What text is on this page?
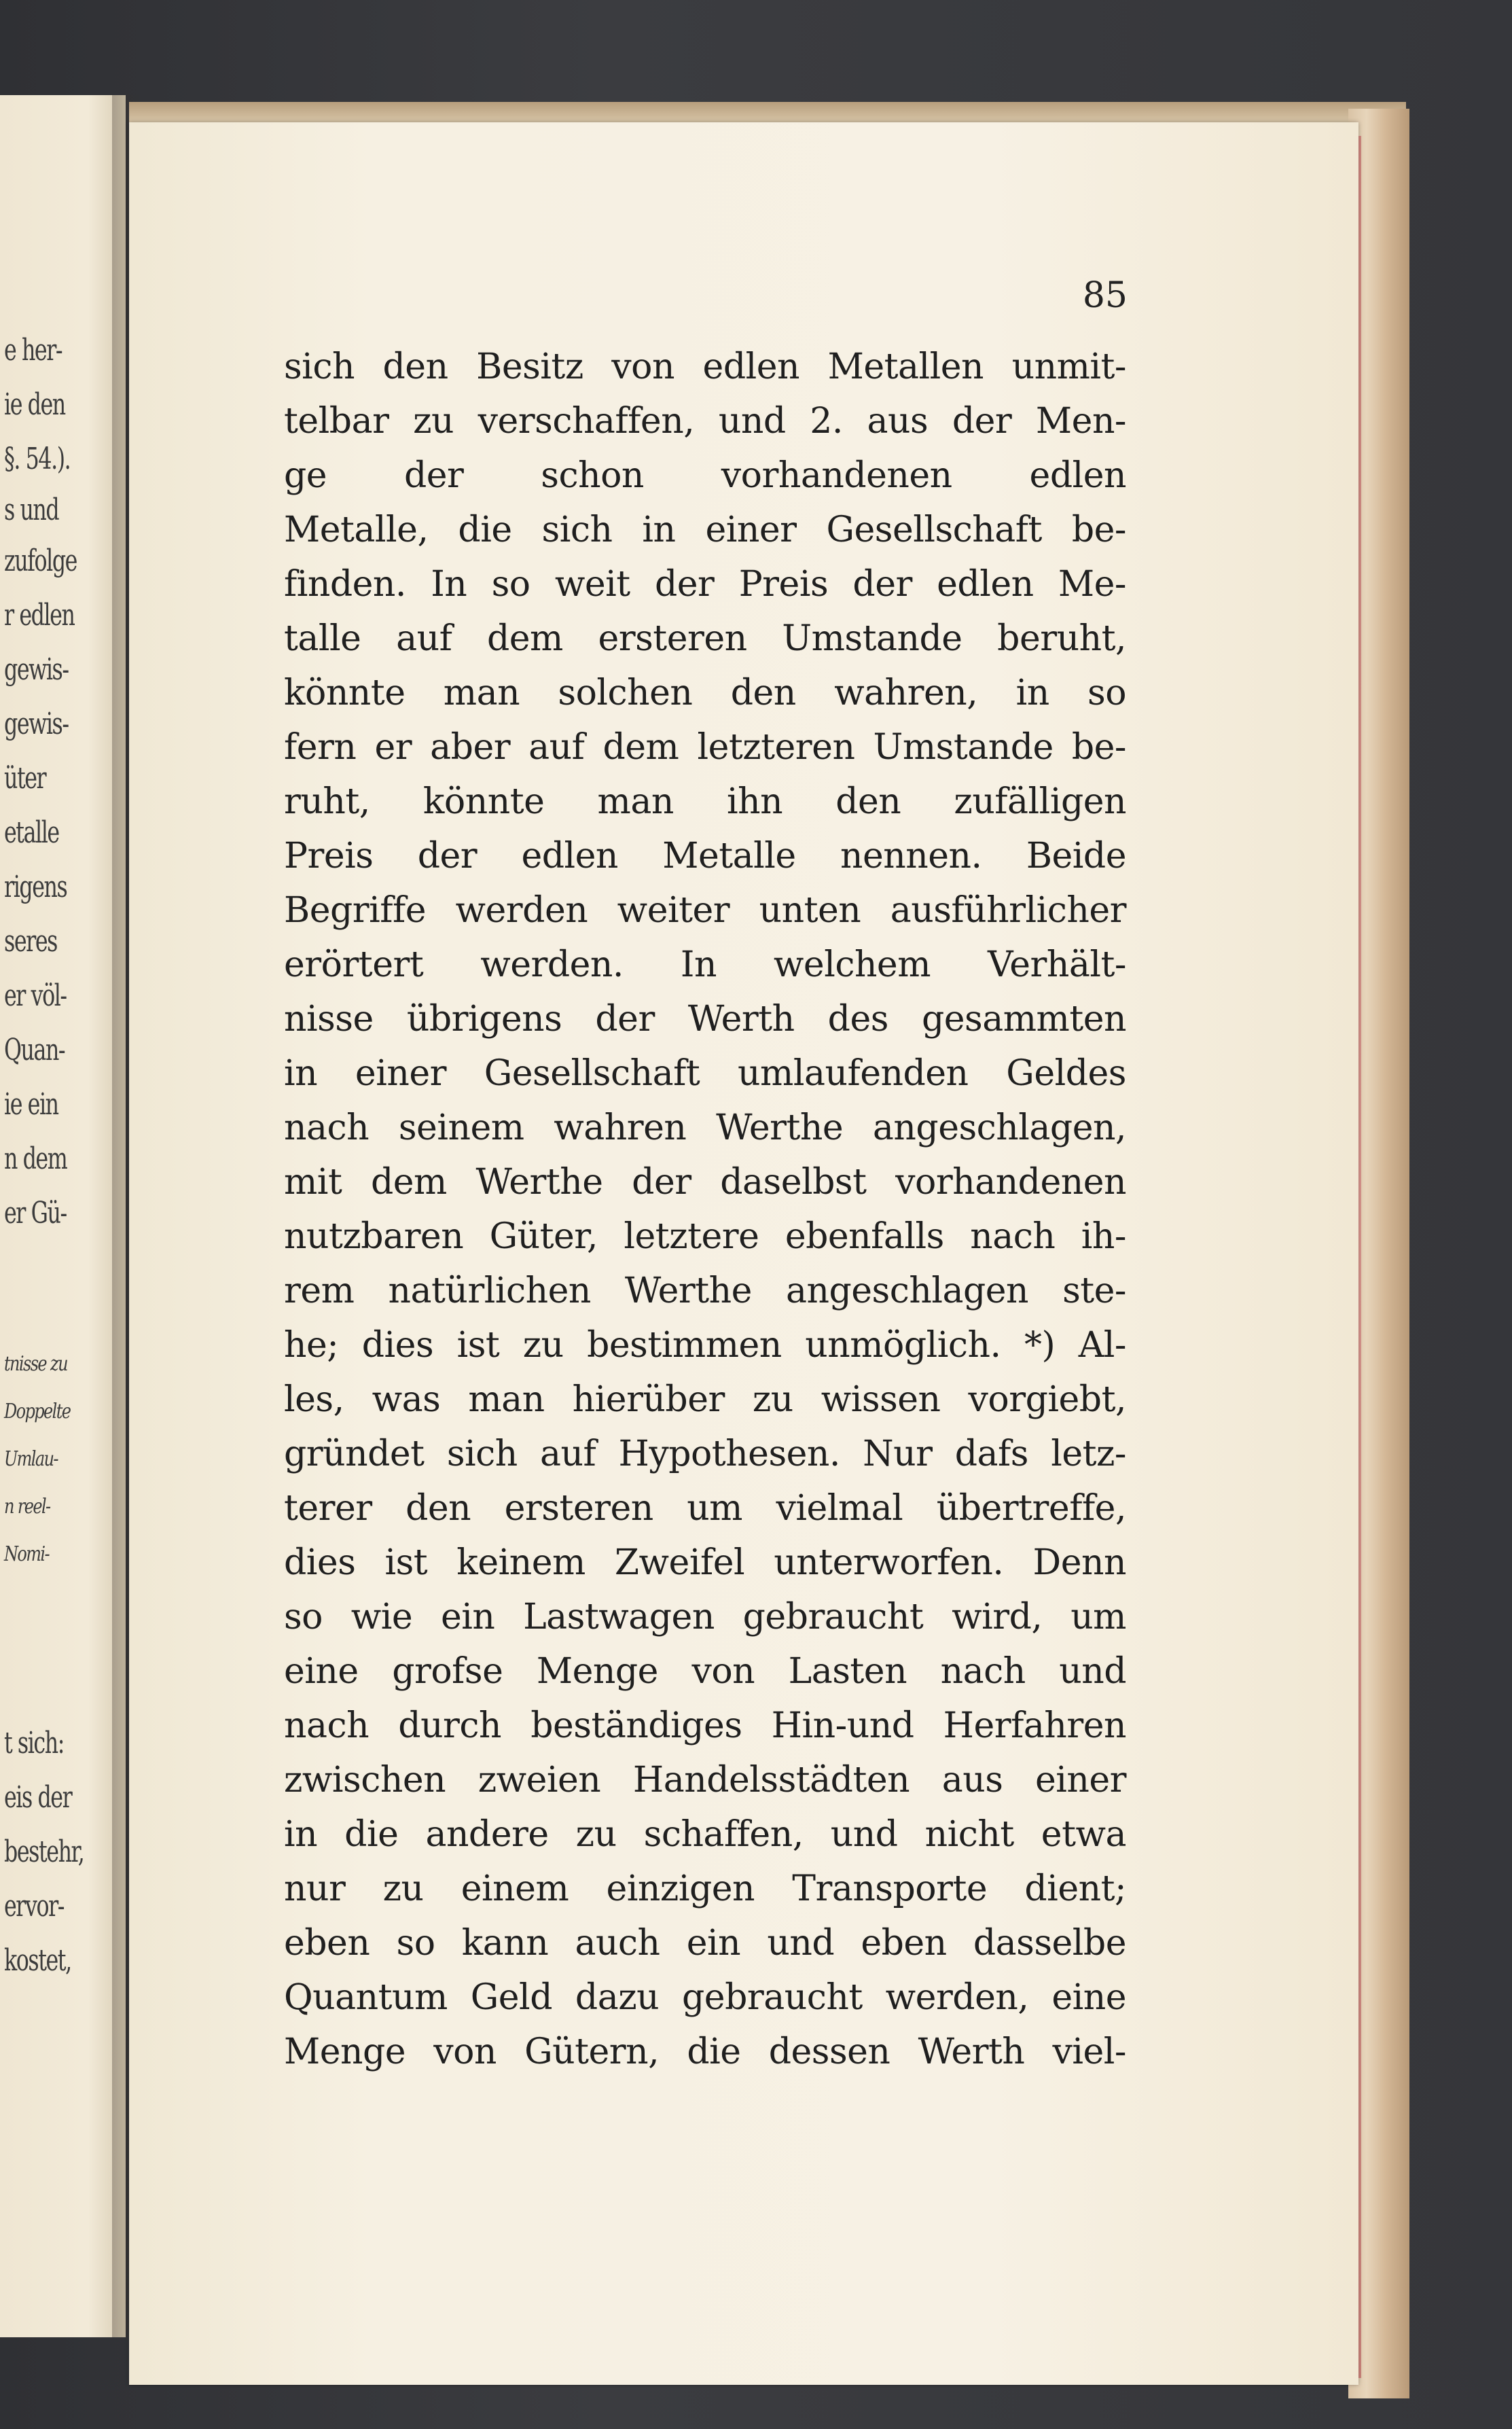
e her-
ie den
§. 54.).
s und
zufolge
r edlen
gewis-
gewis-
üter
etalle
rigens
seres
er völ-
Quan-
ie ein
n dem
er Gü-
tnisse zu
Doppelte
Umlau-
n reel-
Nomi-
t sich:
eis der
bestehr,
ervor-
kostet,
85
sich den Besitz von edlen Metallen unmit-
telbar zu verschaffen, und 2. aus der Men-
ge der schon vorhandenen edlen
Metalle, die sich in einer Gesellschaft be-
finden. In so weit der Preis der edlen Me-
talle auf dem ersteren Umstande beruht,
könnte man solchen den wahren, in so
fern er aber auf dem letzteren Umstande be-
ruht, könnte man ihn den zufälligen
Preis der edlen Metalle nennen. Beide
Begriffe werden weiter unten ausführlicher
erörtert werden. In welchem Verhält-
nisse übrigens der Werth des gesammten
in einer Gesellschaft umlaufenden Geldes
nach seinem wahren Werthe angeschlagen,
mit dem Werthe der daselbst vorhandenen
nutzbaren Güter, letztere ebenfalls nach ih-
rem natürlichen Werthe angeschlagen ste-
he; dies ist zu bestimmen unmöglich. *) Al-
les, was man hierüber zu wissen vorgiebt,
gründet sich auf Hypothesen. Nur dafs letz-
terer den ersteren um vielmal übertreffe,
dies ist keinem Zweifel unterworfen. Denn
so wie ein Lastwagen gebraucht wird, um
eine grofse Menge von Lasten nach und
nach durch beständiges Hin-und Herfahren
zwischen zweien Handelsstädten aus einer
in die andere zu schaffen, und nicht etwa
nur zu einem einzigen Transporte dient;
eben so kann auch ein und eben dasselbe
Quantum Geld dazu gebraucht werden, eine
Menge von Gütern, die dessen Werth viel-
